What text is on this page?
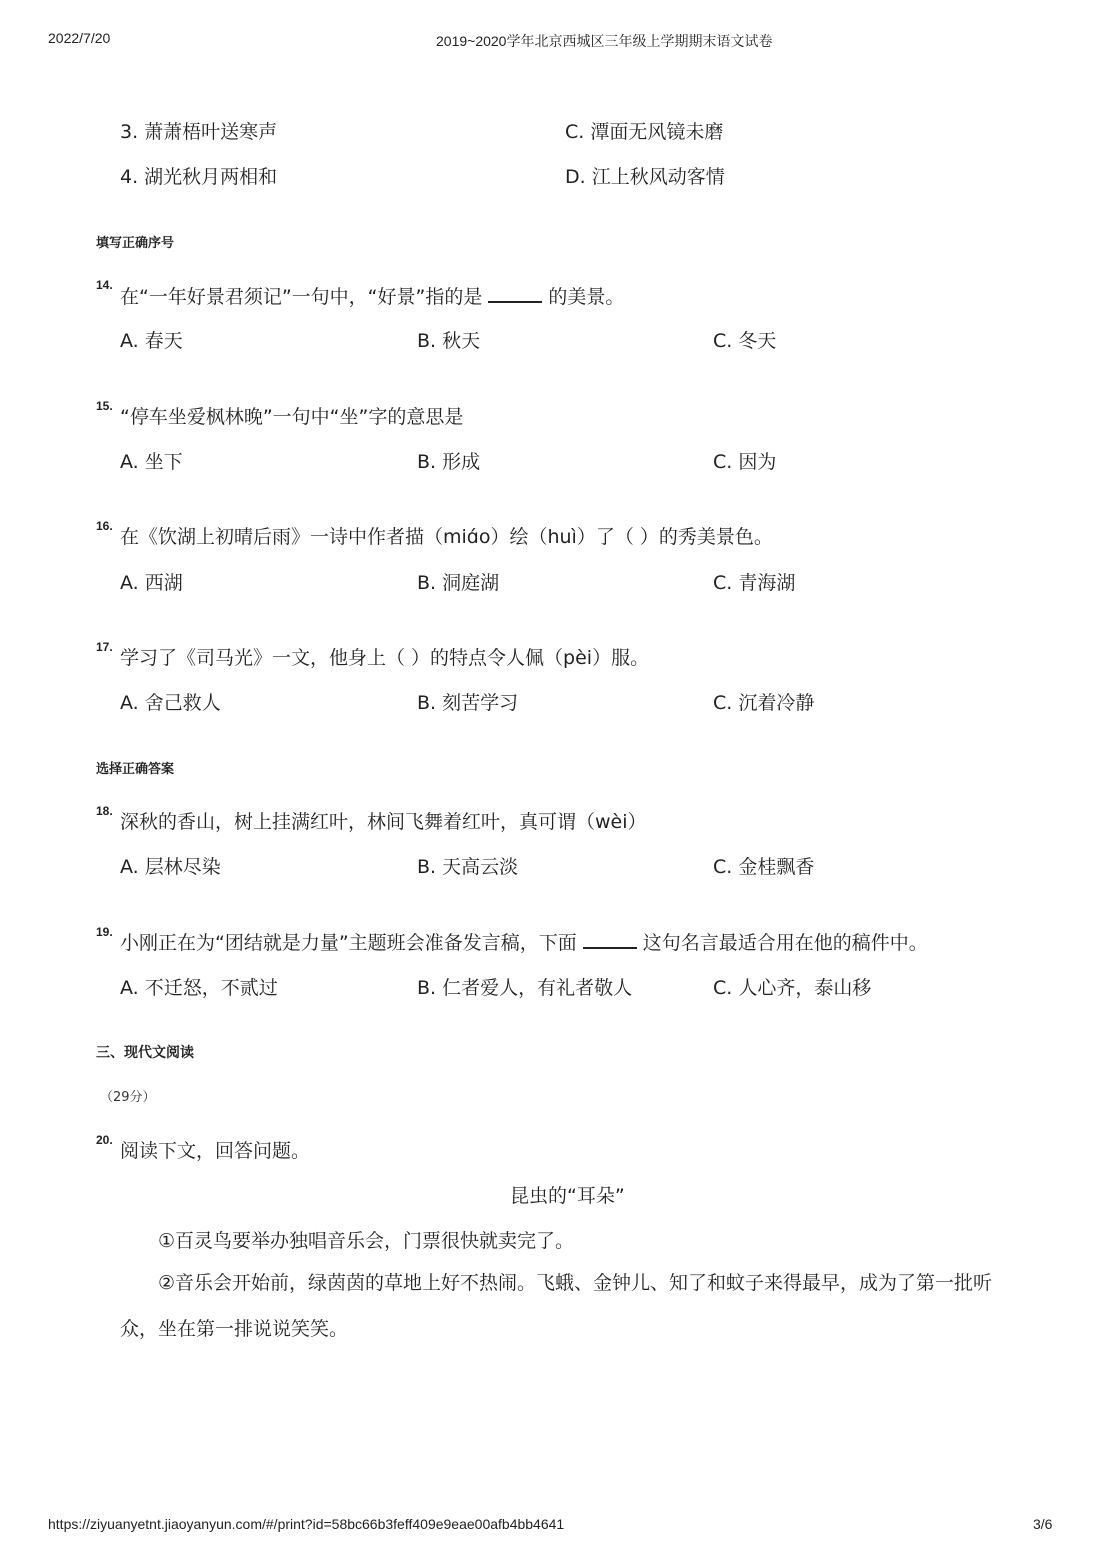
2022/7/20	2019~2020学年北京西城区三年级上学期期末语文试卷
3. 萧萧梧叶送寒声	C. 潭面无风镜未磨
4. 湖光秋月两相和	D. 江上秋风动客情
填写正确序号
14.
在“一年好景君须记”一句中，“好景”指的是	的美景。
A. 春天	B. 秋天	C. 冬天
15. “停车坐爱枫林晚”一句中“坐”字的意思是
A. 坐下	B. 形成	C. 因为
16. 在《饮湖上初晴后雨》一诗中作者描（miɑ́o）绘（huì）了（ ）的秀美景色。
A. 西湖	B. 洞庭湖	C. 青海湖
17. 学习了《司马光》一文，他身上（ ）的特点令人佩（pèi）服。
A. 舍己救人	B. 刻苦学习	C. 沉着冷静
选择正确答案
18. 深秋的香山，树上挂满红叶，林间飞舞着红叶，真可谓（wèi）
A. 层林尽染	B. 天高云淡	C. 金桂飘香
19. 小刚正在为“团结就是力量”主题班会准备发言稿，下面	这句名言最适合用在他的稿件中。
A. 不迁怒，不贰过	B. 仁者爱人，有礼者敬人	C. 人心齐，泰山移
三、现代文阅读
（29分）
20. 阅读下文，回答问题。
昆虫的“耳朵”
①百灵鸟要举办独唱音乐会，门票很快就卖完了。
②音乐会开始前，绿茵茵的草地上好不热闹。飞蛾、金钟儿、知了和蚊子来得最早，成为了第一批听众，坐在第一排说说笑笑。
https://ziyuanyetnt.jiaoyanyun.com/#/print?id=58bc66b3feff409e9eae00afb4bb4641	3/6
